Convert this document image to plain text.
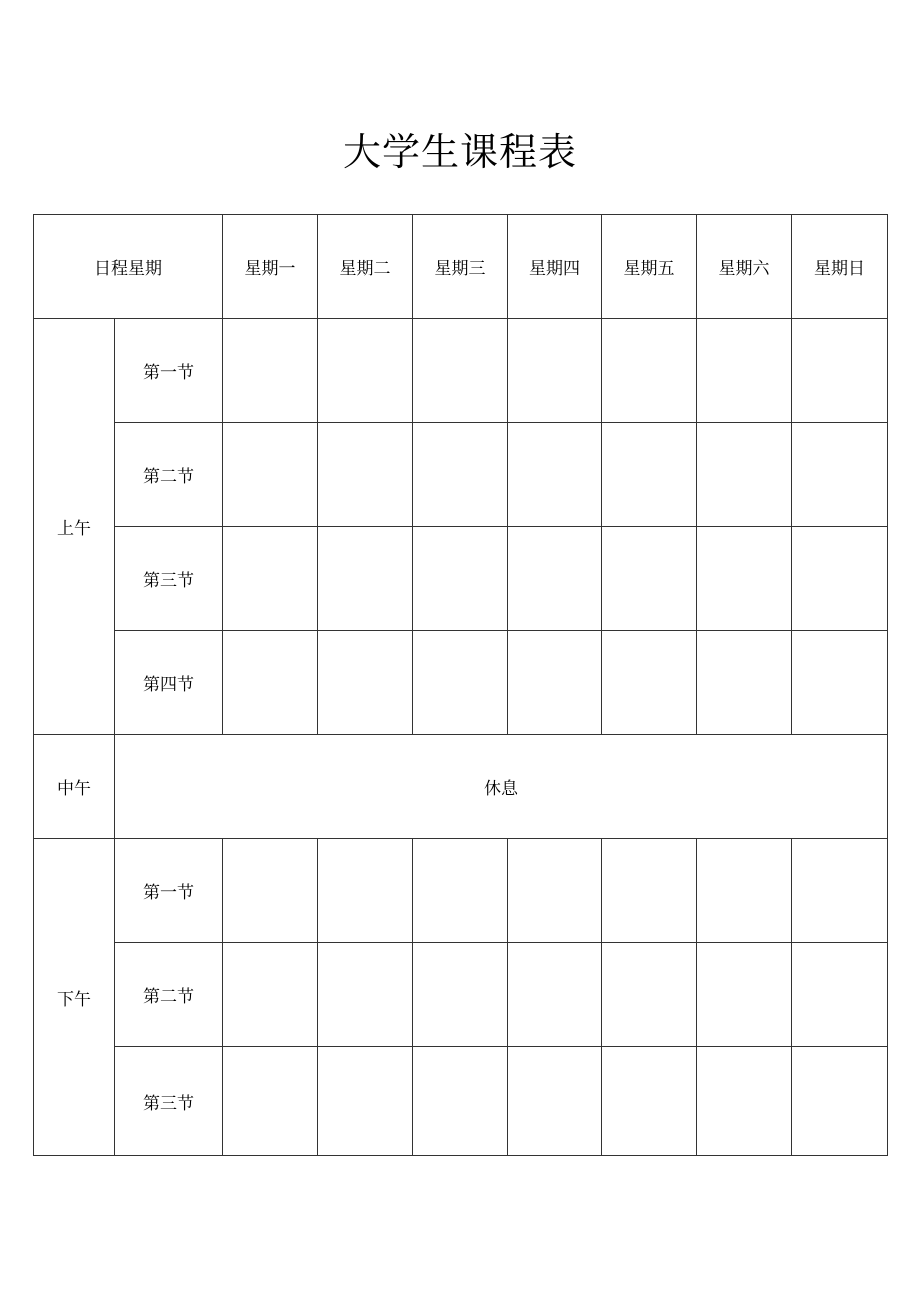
大学生课程表
日程星期		星期一	星期二	星期三	星期四	星期五	星期六	星期日
上午	第一节							
	第二节							
	第三节							
	第四节							
中午	休息							
下午	第一节							
	第二节							
	第三节							
